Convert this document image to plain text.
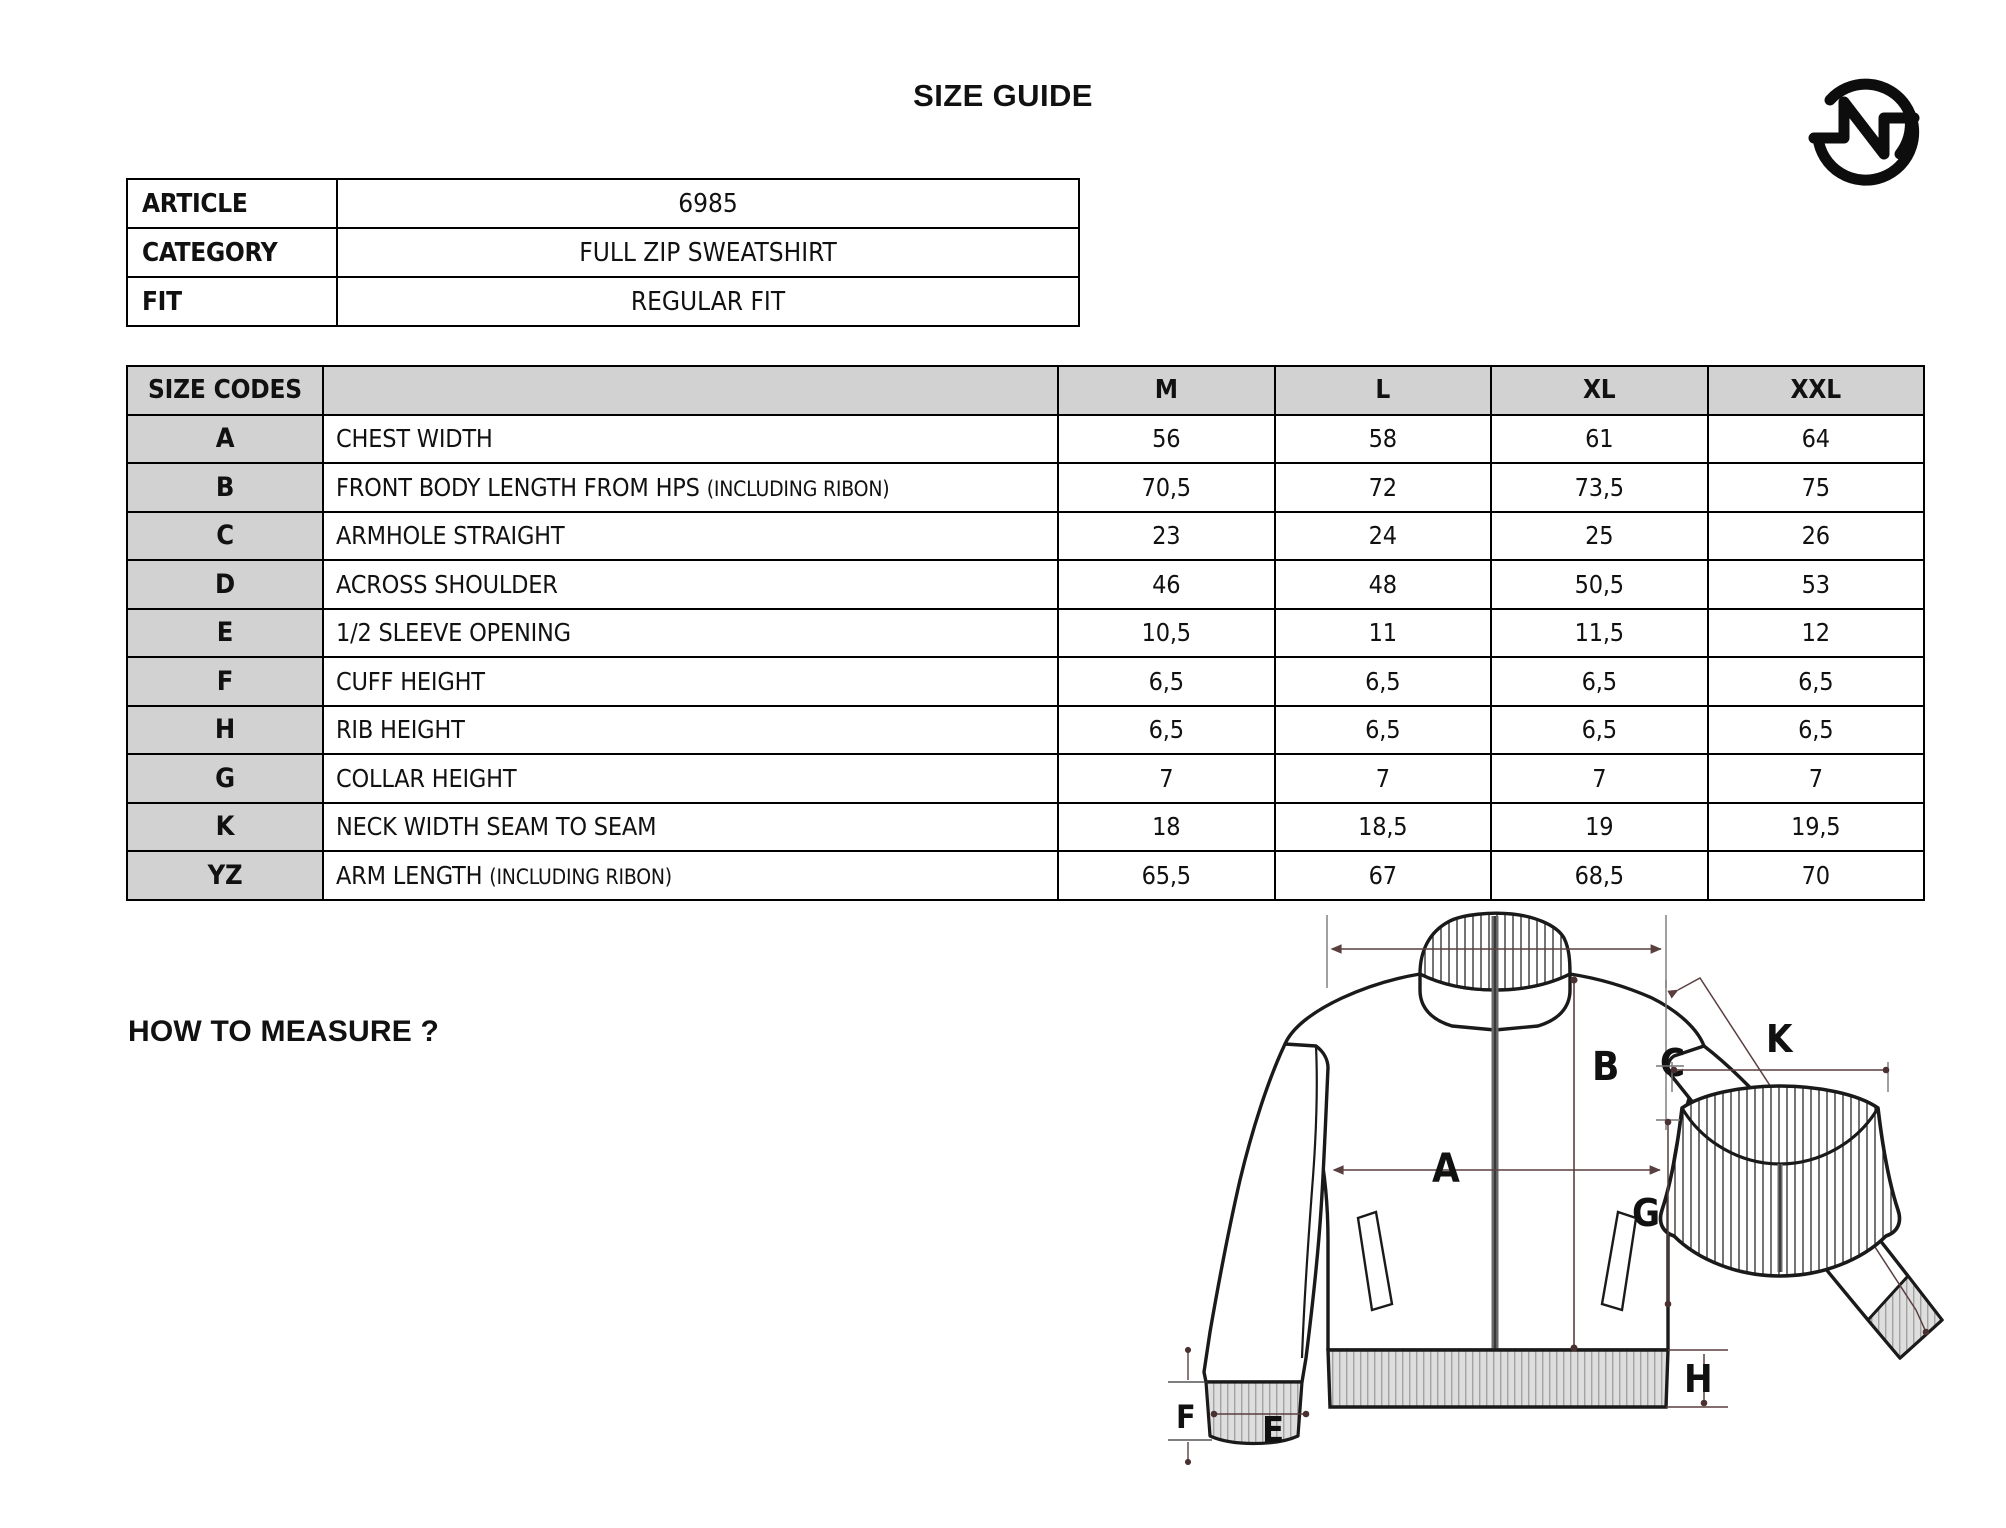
SIZE GUIDE
ARTICLE	6985
CATEGORY	FULL ZIP SWEATSHIRT
FIT	REGULAR FIT
SIZE CODES		M	L	XL	XXL
A	CHEST WIDTH	56	58	61	64
B	FRONT BODY LENGTH FROM HPS (INCLUDING RIBON)	70,5	72	73,5	75
C	ARMHOLE STRAIGHT	23	24	25	26
D	ACROSS SHOULDER	46	48	50,5	53
E	1/2 SLEEVE OPENING	10,5	11	11,5	12
F	CUFF HEIGHT	6,5	6,5	6,5	6,5
H	RIB HEIGHT	6,5	6,5	6,5	6,5
G	COLLAR HEIGHT	7	7	7	7
K	NECK WIDTH SEAM TO SEAM	18	18,5	19	19,5
YZ	ARM LENGTH (INCLUDING RIBON)	65,5	67	68,5	70
HOW TO MEASURE ?
B
A
C
H
F E
K
G
